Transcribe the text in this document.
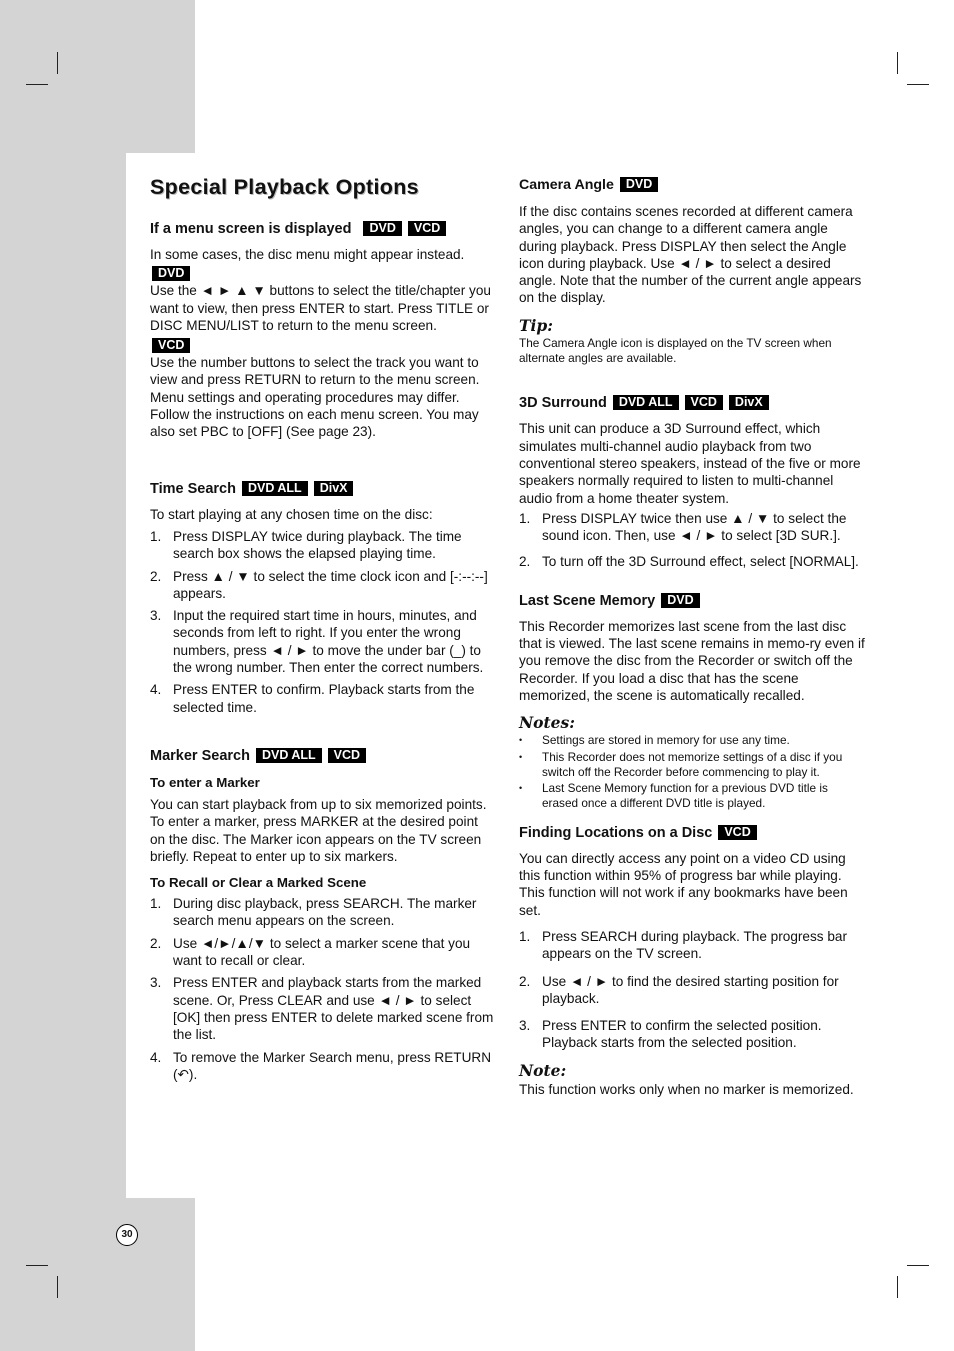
Special Playback Options
If a menu screen is displayed DVD VCD

In some cases, the disc menu might appear instead.

DVD

Use the ◄ ► ▲ ▼ buttons to select the title/chapter you want to view, then press ENTER to start. Press TITLE or DISC MENU/LIST to return to the menu screen.

VCD

Use the number buttons to select the track you want to view and press RETURN to return to the menu screen. Menu settings and operating procedures may differ. Follow the instructions on each menu screen. You may also set PBC to [OFF] (See page 23).

Time Search DVD ALL DivX

To start playing at any chosen time on the disc:

1. Press DISPLAY twice during playback. The time search box shows the elapsed playing time.
2. Press ▲ / ▼ to select the time clock icon and [-:--:--] appears.
3. Input the required start time in hours, minutes, and seconds from left to right. If you enter the wrong numbers, press ◄ / ► to move the under bar (_) to the wrong number. Then enter the correct numbers.
4. Press ENTER to confirm. Playback starts from the selected time.
Marker Search DVD ALL VCD
To enter a Marker

You can start playback from up to six memorized points. To enter a marker, press MARKER at the desired point on the disc. The Marker icon appears on the TV screen briefly. Repeat to enter up to six markers.

To Recall or Clear a Marked Scene
1. During disc playback, press SEARCH. The marker search menu appears on the screen.
2. Use ◄/►/▲/▼ to select a marker scene that you want to recall or clear.
3. Press ENTER and playback starts from the marked scene. Or, Press CLEAR and use ◄ / ► to select [OK] then press ENTER to delete marked scene from the list.
4. To remove the Marker Search menu, press RETURN (↶).
Camera Angle DVD

If the disc contains scenes recorded at different camera angles, you can change to a different camera angle during playback. Press DISPLAY then select the Angle icon during playback. Use ◄ / ► to select a desired angle. Note that the number of the current angle appears on the display.

Tip:
The Camera Angle icon is displayed on the TV screen when alternate angles are available.
3D Surround DVD ALL VCD DivX

This unit can produce a 3D Surround effect, which simulates multi-channel audio playback from two conventional stereo speakers, instead of the five or more speakers normally required to listen to multi-channel audio from a home theater system.

1. Press DISPLAY twice then use ▲ / ▼ to select the sound icon. Then, use ◄ / ► to select [3D SUR.].
2. To turn off the 3D Surround effect, select [NORMAL].
Last Scene Memory DVD

This Recorder memorizes last scene from the last disc that is viewed. The last scene remains in memo-ry even if you remove the disc from the Recorder or switch off the Recorder. If you load a disc that has the scene memorized, the scene is automatically recalled.

Notes:
• Settings are stored in memory for use any time.
• This Recorder does not memorize settings of a disc if you switch off the Recorder before commencing to play it.
• Last Scene Memory function for a previous DVD title is erased once a different DVD title is played.
Finding Locations on a Disc VCD

You can directly access any point on a video CD using this function within 95% of progress bar while playing. This function will not work if any bookmarks have been set.

1. Press SEARCH during playback. The progress bar appears on the TV screen.
2. Use ◄ / ► to find the desired starting position for playback.
3. Press ENTER to confirm the selected position. Playback starts from the selected position.
Note:

This function works only when no marker is memorized.

30
